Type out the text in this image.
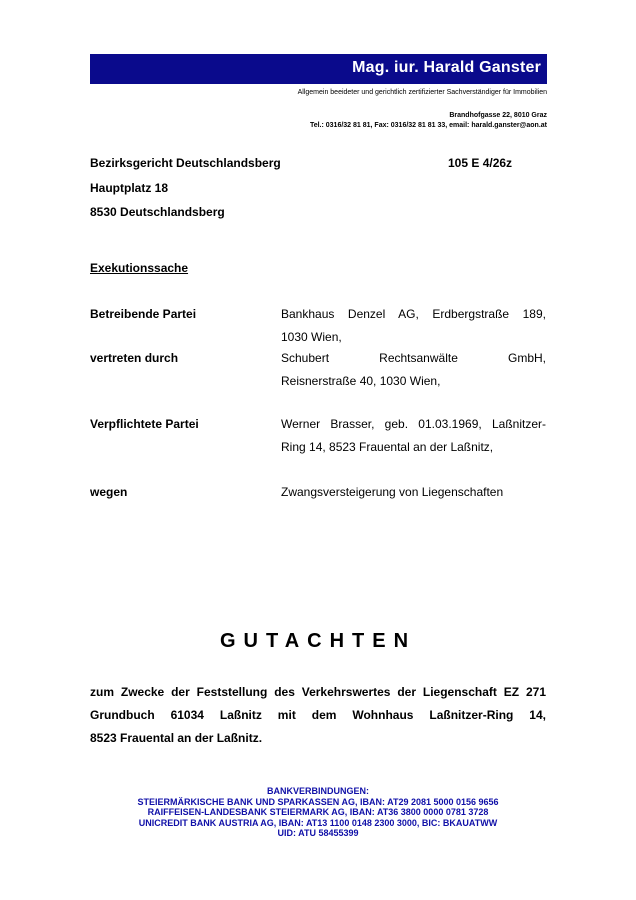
Mag. iur. Harald Ganster
Allgemein beeideter und gerichtlich zertifizierter Sachverständiger für Immobilien
Brandhofgasse 22, 8010 Graz
Tel.: 0316/32 81 81, Fax: 0316/32 81 81 33, email: harald.ganster@aon.at
Bezirksgericht Deutschlandsberg
Hauptplatz 18
8530 Deutschlandsberg
105 E 4/26z
Exekutionssache
Betreibende Partei	Bankhaus Denzel AG, Erdbergstraße 189,
1030 Wien,
vertreten durch	Schubert Rechtsanwälte GmbH,
Reisnerstraße 40, 1030 Wien,
Verpflichtete Partei	Werner Brasser, geb. 01.03.1969, Laßnitzer-
Ring 14, 8523 Frauental an der Laßnitz,
wegen	Zwangsversteigerung von Liegenschaften
GUTACHTEN
zum Zwecke der Feststellung des Verkehrswertes der Liegenschaft EZ 271
Grundbuch 61034 Laßnitz mit dem Wohnhaus Laßnitzer-Ring 14,
8523 Frauental an der Laßnitz.
BANKVERBINDUNGEN:
STEIERMÄRKISCHE BANK UND SPARKASSEN AG, IBAN: AT29 2081 5000 0156 9656
RAIFFEISEN-LANDESBANK STEIERMARK AG, IBAN: AT36 3800 0000 0781 3728
UNICREDIT BANK AUSTRIA AG, IBAN: AT13 1100 0148 2300 3000, BIC: BKAUATWW
UID: ATU 58455399
